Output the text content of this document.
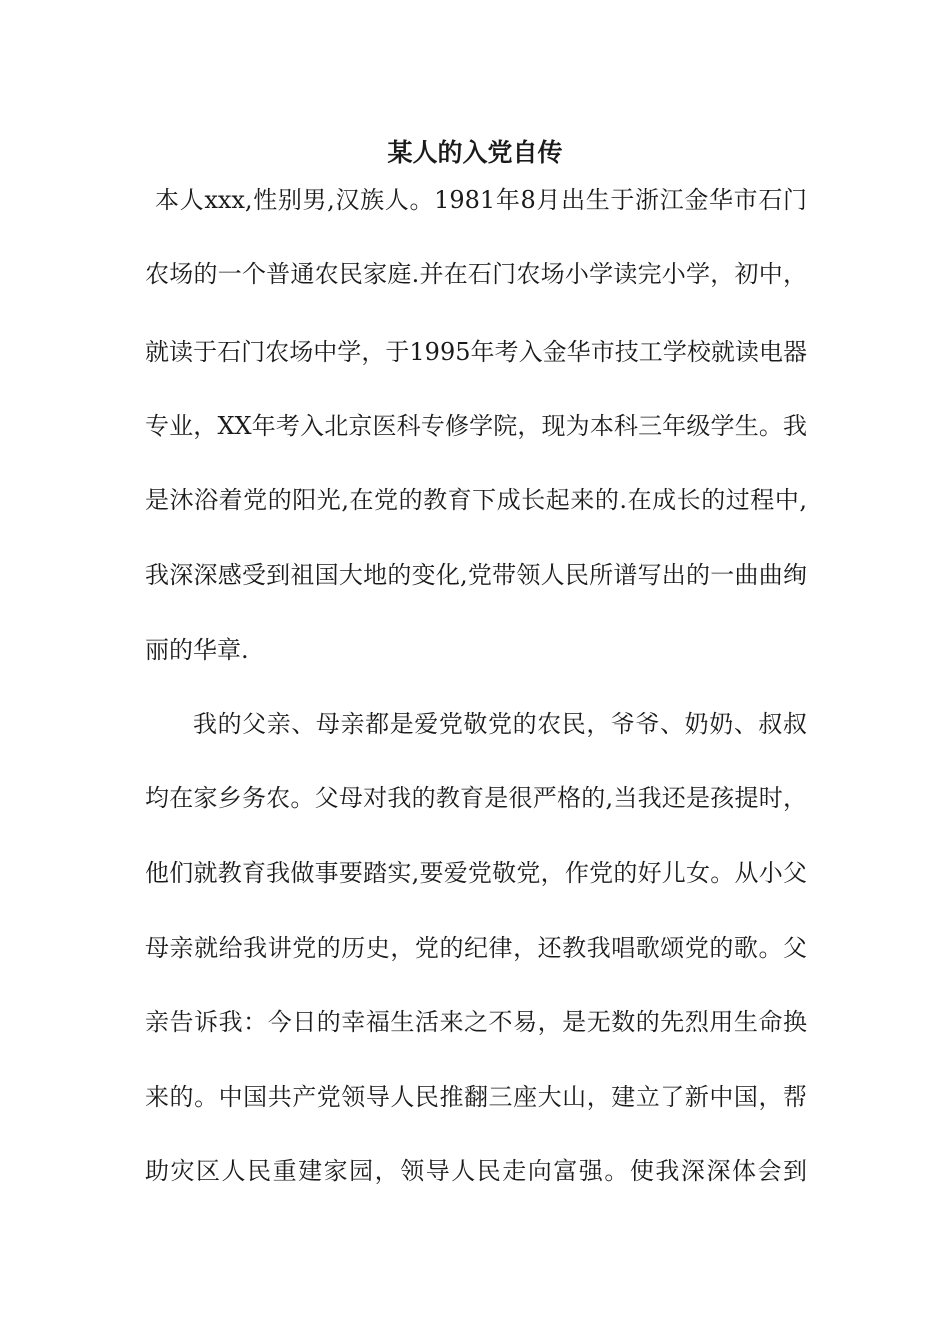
某人的入党自传
本人xxx,性别男,汉族人。1981年8月出生于浙江金华市石门
农场的一个普通农民家庭.并在石门农场小学读完小学，初中，
就读于石门农场中学，于1995年考入金华市技工学校就读电器
专业，XX年考入北京医科专修学院，现为本科三年级学生。我
是沐浴着党的阳光,在党的教育下成长起来的.在成长的过程中,
我深深感受到祖国大地的变化,党带领人民所谱写出的一曲曲绚
丽的华章.
我的父亲、母亲都是爱党敬党的农民，爷爷、奶奶、叔叔
均在家乡务农。父母对我的教育是很严格的,当我还是孩提时，
他们就教育我做事要踏实,要爱党敬党，作党的好儿女。从小父
母亲就给我讲党的历史，党的纪律，还教我唱歌颂党的歌。父
亲告诉我：今日的幸福生活来之不易，是无数的先烈用生命换
来的。中国共产党领导人民推翻三座大山，建立了新中国，帮
助灾区人民重建家园，领导人民走向富强。使我深深体会到
